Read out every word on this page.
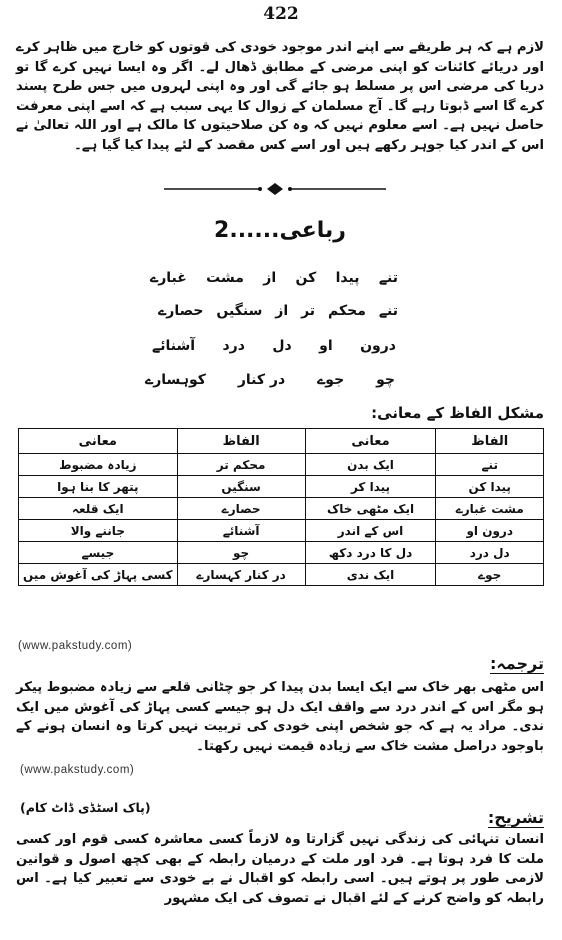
422
لازم ہے کہ ہر طریقے سے اپنے اندر موجود خودی کی قوتوں کو خارج میں ظاہر کرے اور دریائے کائنات کو اپنی مرضی کے مطابق ڈھال لے۔ اگر وہ ایسا نہیں کرے گا تو دریا کی مرضی اس پر مسلط ہو جائے گی اور وہ اپنی لہروں میں جس طرح پسند کرے گا اسے ڈبوتا رہے گا۔ آج مسلمان کے زوال کا یہی سبب ہے کہ اسے اپنی معرفت حاصل نہیں ہے۔ اسے معلوم نہیں کہ وہ کن صلاحیتوں کا مالک ہے اور اللہ تعالیٰ نے اس کے اندر کیا جوہر رکھے ہیں اور اسے کس مقصد کے لئے پیدا کیا گیا ہے۔
رباعی......2
تنے
پیدا
کن
از
مشت
غبارے
تنے
محکم
تر
از
سنگیں
حصارے
درون
او
دل
درد
آشنائے
چو
جوے
در کنار
کوہسارے
مشکل الفاظ کے معانی:
الفاظ	معانی	الفاظ	معانی
تنے	ایک بدن	محکم تر	زیادہ مضبوط
پیدا کن	پیدا کر	سنگیں	پتھر کا بنا ہوا
مشت غبارے	ایک مٹھی خاک	حصارے	ایک قلعہ
درون او	اس کے اندر	آشنائے	جاننے والا
دل درد	دل کا درد دکھ	چو	جیسے
جوے	ایک ندی	در کنار کہسارے	کسی پہاڑ کی آغوش میں
(www.pakstudy.com)
ترجمہ:
اس مٹھی بھر خاک سے ایک ایسا بدن پیدا کر جو چٹانی قلعے سے زیادہ مضبوط پیکر ہو مگر اس کے اندر درد سے واقف ایک دل ہو جیسے کسی پہاڑ کی آغوش میں ایک ندی۔ مراد یہ ہے کہ جو شخص اپنی خودی کی تربیت نہیں کرتا وہ انسان ہونے کے باوجود دراصل مشت خاک سے زیادہ قیمت نہیں رکھتا۔
(www.pakstudy.com)
(پاک اسٹڈی ڈاٹ کام)
تشریح:
انسان تنہائی کی زندگی نہیں گزارتا وہ لازماً کسی معاشرہ کسی قوم اور کسی ملت کا فرد ہوتا ہے۔ فرد اور ملت کے درمیان رابطہ کے بھی کچھ اصول و قوانین لازمی طور پر ہوتے ہیں۔ اسی رابطہ کو اقبال نے بے خودی سے تعبیر کیا ہے۔ اس رابطہ کو واضح کرنے کے لئے اقبال نے تصوف کی ایک مشہور
